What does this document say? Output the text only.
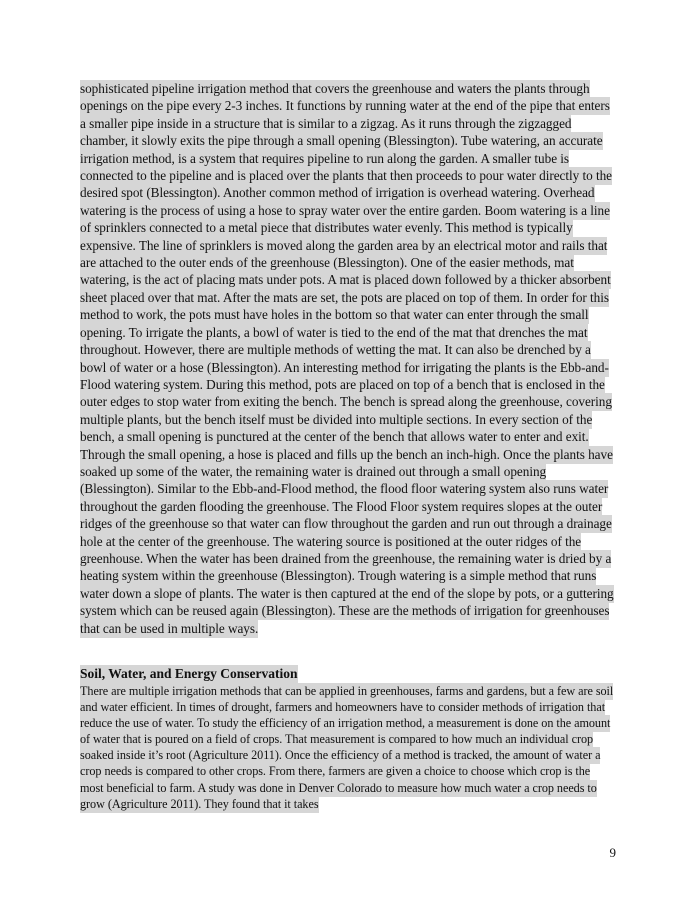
sophisticated pipeline irrigation method that covers the greenhouse and waters the plants through openings on the pipe every 2-3 inches. It functions by running water at the end of the pipe that enters a smaller pipe inside in a structure that is similar to a zigzag. As it runs through the zigzagged chamber, it slowly exits the pipe through a small opening (Blessington). Tube watering, an accurate irrigation method, is a system that requires pipeline to run along the garden. A smaller tube is connected to the pipeline and is placed over the plants that then proceeds to pour water directly to the desired spot (Blessington). Another common method of irrigation is overhead watering. Overhead watering is the process of using a hose to spray water over the entire garden. Boom watering is a line of sprinklers connected to a metal piece that distributes water evenly. This method is typically expensive. The line of sprinklers is moved along the garden area by an electrical motor and rails that are attached to the outer ends of the greenhouse (Blessington). One of the easier methods, mat watering, is the act of placing mats under pots. A mat is placed down followed by a thicker absorbent sheet placed over that mat. After the mats are set, the pots are placed on top of them. In order for this method to work, the pots must have holes in the bottom so that water can enter through the small opening. To irrigate the plants, a bowl of water is tied to the end of the mat that drenches the mat throughout. However, there are multiple methods of wetting the mat. It can also be drenched by a bowl of water or a hose (Blessington). An interesting method for irrigating the plants is the Ebb-and-Flood watering system. During this method, pots are placed on top of a bench that is enclosed in the outer edges to stop water from exiting the bench. The bench is spread along the greenhouse, covering multiple plants, but the bench itself must be divided into multiple sections. In every section of the bench, a small opening is punctured at the center of the bench that allows water to enter and exit. Through the small opening, a hose is placed and fills up the bench an inch-high. Once the plants have soaked up some of the water, the remaining water is drained out through a small opening (Blessington). Similar to the Ebb-and-Flood method, the flood floor watering system also runs water throughout the garden flooding the greenhouse. The Flood Floor system requires slopes at the outer ridges of the greenhouse so that water can flow throughout the garden and run out through a drainage hole at the center of the greenhouse. The watering source is positioned at the outer ridges of the greenhouse. When the water has been drained from the greenhouse, the remaining water is dried by a heating system within the greenhouse (Blessington). Trough watering is a simple method that runs water down a slope of plants. The water is then captured at the end of the slope by pots, or a guttering system which can be reused again (Blessington). These are the methods of irrigation for greenhouses that can be used in multiple ways.

Soil, Water, and Energy Conservation

There are multiple irrigation methods that can be applied in greenhouses, farms and gardens, but a few are soil and water efficient. In times of drought, farmers and homeowners have to consider methods of irrigation that reduce the use of water. To study the efficiency of an irrigation method, a measurement is done on the amount of water that is poured on a field of crops. That measurement is compared to how much an individual crop soaked inside it’s root (Agriculture 2011). Once the efficiency of a method is tracked, the amount of water a crop needs is compared to other crops. From there, farmers are given a choice to choose which crop is the most beneficial to farm. A study was done in Denver Colorado to measure how much water a crop needs to grow (Agriculture 2011). They found that it takes

9
